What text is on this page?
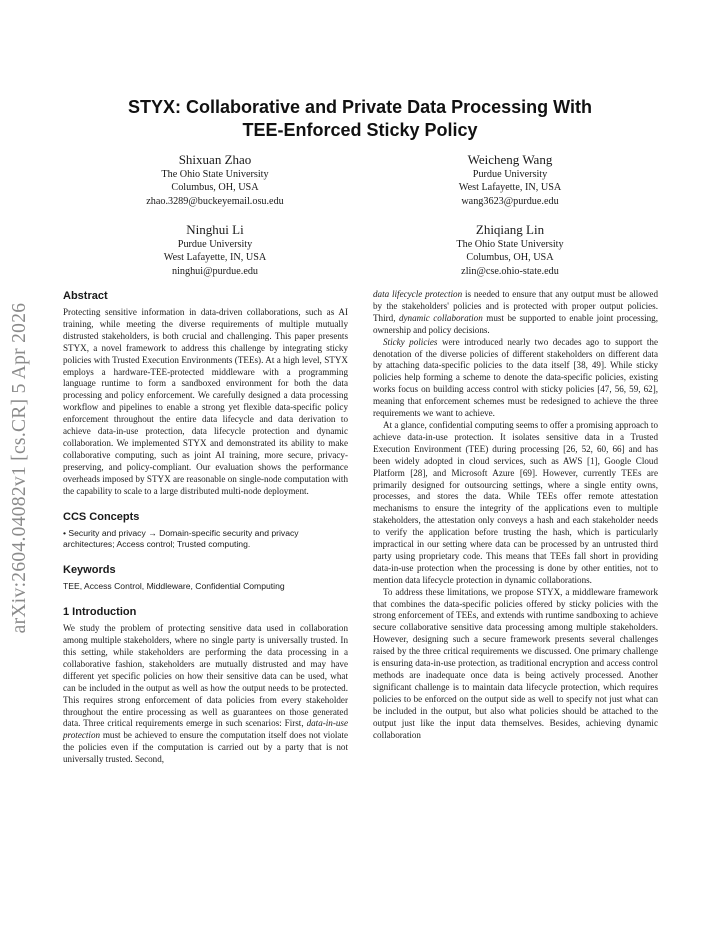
arXiv:2604.04082v1 [cs.CR] 5 Apr 2026
STYX: Collaborative and Private Data Processing With
TEE-Enforced Sticky Policy
Shixuan Zhao
The Ohio State University
Columbus, OH, USA
zhao.3289@buckeyemail.osu.edu
Weicheng Wang
Purdue University
West Lafayette, IN, USA
wang3623@purdue.edu
Ninghui Li
Purdue University
West Lafayette, IN, USA
ninghui@purdue.edu
Zhiqiang Lin
The Ohio State University
Columbus, OH, USA
zlin@cse.ohio-state.edu
Abstract

Protecting sensitive information in data-driven collaborations, such as AI training, while meeting the diverse requirements of multiple mutually distrusted stakeholders, is both crucial and challenging. This paper presents STYX, a novel framework to address this challenge by integrating sticky policies with Trusted Execution Environments (TEEs). At a high level, STYX employs a hardware-TEE-protected middleware with a programming language runtime to form a sandboxed environment for both the data processing and policy enforcement. We carefully designed a data processing workflow and pipelines to enable a strong yet flexible data-specific policy enforcement throughout the entire data lifecycle and data derivation to achieve data-in-use protection, data lifecycle protection and dynamic collaboration. We implemented STYX and demonstrated its ability to make collaborative computing, such as joint AI training, more secure, privacy-preserving, and policy-compliant. Our evaluation shows the performance overheads imposed by STYX are reasonable on single-node computation with the capability to scale to a large distributed multi-node deployment.

CCS Concepts

• Security and privacy → Domain-specific security and privacy architectures; Access control; Trusted computing.

Keywords

TEE, Access Control, Middleware, Confidential Computing

1 Introduction

We study the problem of protecting sensitive data used in collaboration among multiple stakeholders, where no single party is universally trusted. In this setting, while stakeholders are performing the data processing in a collaborative fashion, stakeholders are mutually distrusted and may have different yet specific policies on how their sensitive data can be used, what can be included in the output as well as how the output needs to be protected. This requires strong enforcement of data policies from every stakeholder throughout the entire processing as well as guarantees on those generated data. Three critical requirements emerge in such scenarios: First, data-in-use protection must be achieved to ensure the computation itself does not violate the policies even if the computation is carried out by a party that is not universally trusted. Second,

data lifecycle protection is needed to ensure that any output must be allowed by the stakeholders' policies and is protected with proper output policies. Third, dynamic collaboration must be supported to enable joint processing, ownership and policy decisions.

Sticky policies were introduced nearly two decades ago to support the denotation of the diverse policies of different stakeholders on different data by attaching data-specific policies to the data itself [38, 49]. While sticky policies help forming a scheme to denote the data-specific policies, existing works focus on building access control with sticky policies [47, 56, 59, 62], meaning that enforcement schemes must be redesigned to achieve the three requirements we want to achieve.

At a glance, confidential computing seems to offer a promising approach to achieve data-in-use protection. It isolates sensitive data in a Trusted Execution Environment (TEE) during processing [26, 52, 60, 66] and has been widely adopted in cloud services, such as AWS [1], Google Cloud Platform [28], and Microsoft Azure [69]. However, currently TEEs are primarily designed for outsourcing settings, where a single entity owns, processes, and stores the data. While TEEs offer remote attestation mechanisms to ensure the integrity of the applications even to multiple stakeholders, the attestation only conveys a hash and each stakeholder needs to verify the application before trusting the hash, which is particularly impractical in our setting where data can be processed by an untrusted third party using proprietary code. This means that TEEs fall short in providing data-in-use protection when the processing is done by other entities, not to mention data lifecycle protection in dynamic collaborations.

To address these limitations, we propose STYX, a middleware framework that combines the data-specific policies offered by sticky policies with the strong enforcement of TEEs, and extends with runtime sandboxing to achieve secure collaborative sensitive data processing among multiple stakeholders. However, designing such a secure framework presents several challenges raised by the three critical requirements we discussed. One primary challenge is ensuring data-in-use protection, as traditional encryption and access control methods are inadequate once data is being actively processed. Another significant challenge is to maintain data lifecycle protection, which requires policies to be enforced on the output side as well to specify not just what can be included in the output, but also what policies should be attached to the output just like the input data themselves. Besides, achieving dynamic collaboration
